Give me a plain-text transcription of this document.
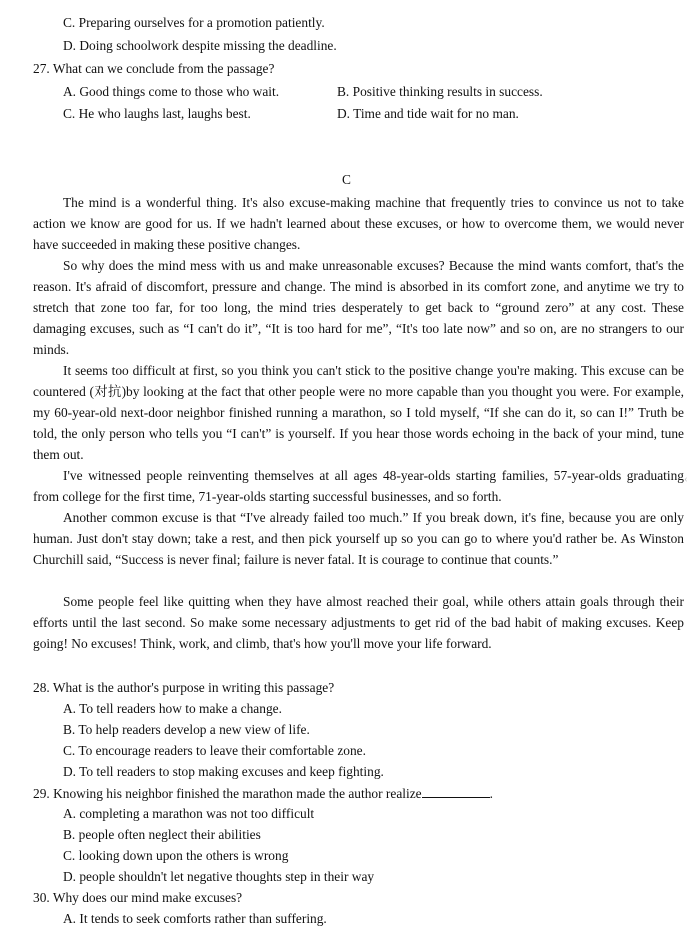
C. Preparing ourselves for a promotion patiently.
D. Doing schoolwork despite missing the deadline.
27. What can we conclude from the passage?
A. Good things come to those who wait.	B. Positive thinking results in success.
C. He who laughs last, laughs best.	D. Time and tide wait for no man.
C
The mind is a wonderful thing. It's also excuse-making machine that frequently tries to convince us not to take action we know are good for us. If we hadn't learned about these excuses, or how to overcome them, we would never have succeeded in making these positive changes.
So why does the mind mess with us and make unreasonable excuses? Because the mind wants comfort, that's the reason. It's afraid of discomfort, pressure and change. The mind is absorbed in its comfort zone, and anytime we try to stretch that zone too far, for too long, the mind tries desperately to get back to “ground zero” at any cost. These damaging excuses, such as “I can't do it”, “It is too hard for me”, “It's too late now” and so on, are no strangers to our minds.
It seems too difficult at first, so you think you can't stick to the positive change you're making. This excuse can be countered (对抗)by looking at the fact that other people were no more capable than you thought you were. For example, my 60-year-old next-door neighbor finished running a marathon, so I told myself, “If she can do it, so can I!” Truth be told, the only person who tells you “I can't” is yourself. If you hear those words echoing in the back of your mind, tune them out.
I've witnessed people reinventing themselves at all ages 48-year-olds starting families, 57-year-olds graduating from college for the first time, 71-year-olds starting successful businesses, and so forth.
Another common excuse is that “I've already failed too much.” If you break down, it's fine, because you are only human. Just don't stay down; take a rest, and then pick yourself up so you can go to where you'd rather be. As Winston Churchill said, “Success is never final; failure is never fatal. It is courage to continue that counts.”
Some people feel like quitting when they have almost reached their goal, while others attain goals through their efforts until the last second. So make some necessary adjustments to get rid of the bad habit of making excuses. Keep going! No excuses! Think, work, and climb, that's how you'll move your life forward.
28. What is the author's purpose in writing this passage?
A. To tell readers how to make a change.
B. To help readers develop a new view of life.
C. To encourage readers to leave their comfortable zone.
D. To tell readers to stop making excuses and keep fighting.
29. Knowing his neighbor finished the marathon made the author realize	.
A. completing a marathon was not too difficult
B. people often neglect their abilities
C. looking down upon the others is wrong
D. people shouldn't let negative thoughts step in their way
30. Why does our mind make excuses?
A. It tends to seek comforts rather than suffering.
‹
